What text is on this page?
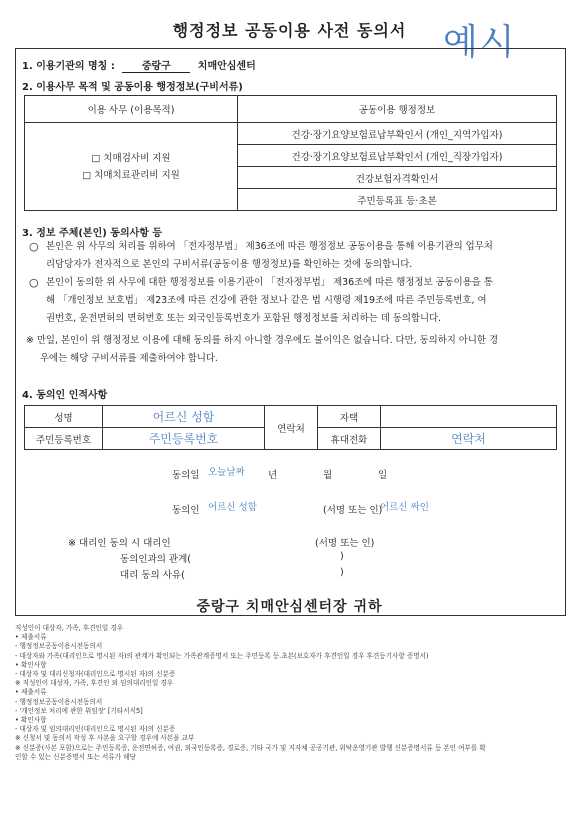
행정정보 공동이용 사전 동의서	예시
1. 이용기관의 명칭 :	중랑구	치매안심센터
2. 이용사무 목적 및 공동이용 행정정보(구비서류)
이용 사무 (이용목적)	공동이용 행정정보

□ 치매검사비 지원
□ 치매치료관리비 지원	건강·장기요양보험료납부확인서 (개인_지역가입자)
	건강·장기요양보험료납부확인서 (개인_직장가입자)
	건강보험자격확인서
	주민등록표 등·초본
3. 정보 주체(본인) 동의사항 등
○ 본인은 위 사무의 처리를 위하여 「전자정부법」 제36조에 따른 행정정보 공동이용을 통해 이용기관의 업무처
리담당자가 전자적으로 본인의 구비서류(공동이용 행정정보)를 확인하는 것에 동의합니다.
○ 본인이 동의한 위 사무에 대한 행정정보를 이용기관이 「전자정부법」 제36조에 따른 행정정보 공동이용을 통
해 「개인정보 보호법」 제23조에 따른 건강에 관한 정보나 같은 법 시행령 제19조에 따른 주민등록번호, 여
권번호, 운전면허의 면허번호 또는 외국인등록번호가 포함된 행정정보를 처리하는 데 동의합니다.
※ 만일, 본인이 위 행정정보 이용에 대해 동의를 하지 아니할 경우에도 불이익은 없습니다. 다만, 동의하지 아니한 경
우에는 해당 구비서류를 제출하여야 합니다.
4. 동의인 인적사항
성명	어르신 성함	연락처	자택	
주민등록번호	주민등록번호		휴대전화	연락처
동의일 오늘날짜 년	월	일
동의인 어르신 성함	(서명 또는 인)
어르신 싸인
※ 대리인 동의 시 대리인	(서명 또는 인)
동의인과의 관계(	)
대리 동의 사유(	)
중랑구 치매안심센터장 귀하
직성인이 대상자, 가족, 후견인일 경우
• 제출서류
- 행정정보공동이용시전동의서
- 대상자와 가족(대리인으로 명시된 자)의 관계가 확인되는 가족관계증명서 또는 주민등록 등.초본(보호자가 후견인일 경우 후견등기사항 증명서)
• 확인사항
- 대상자 및 대리신청자(대리인으로 명시된 자)의 신분증
※ 직성인이 대상자, 가족, 후견인 외 임의대리인일 경우
• 제출서류
- 행정정보공동이용시전동의서
- '개인정보 처리에 관한 위임장' [기타서식5]
• 확인사항
- 대상자 및 임의대리인(대리인으로 명시된 자)의 신분증
※ 신청서 및 동의서 작성 후 사본을 요구할 경우에 사본을 교부
※ 신분증(사본 포함)으로는 주민등록증, 운전면허증, 여권, 외국인등록증, 경로증, 기타 국가 및 지자체 공공기관, 위탁운영기관 발행 신분증명서류 등 본인 여부를 확
인할 수 있는 신분증명서 또는 서류가 해당
